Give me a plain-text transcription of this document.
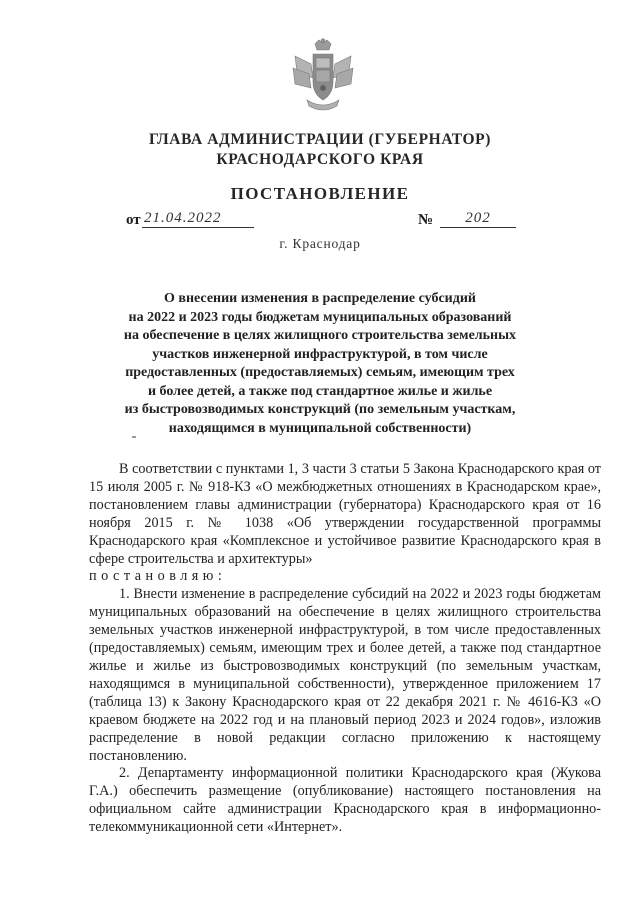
ГЛАВА АДМИНИСТРАЦИИ (ГУБЕРНАТОР)
КРАСНОДАРСКОГО КРАЯ
ПОСТАНОВЛЕНИЕ
от 21.04.2022	№	202
г. Краснодар
О внесении изменения в распределение субсидий
на 2022 и 2023 годы бюджетам муниципальных образований
на обеспечение в целях жилищного строительства земельных
участков инженерной инфраструктурой, в том числе
предоставленных (предоставляемых) семьям, имеющим трех
и более детей, а также под стандартное жилье и жилье
из быстровозводимых конструкций (по земельным участкам,
находящимся в муниципальной собственности)

В соответствии с пунктами 1, 3 части 3 статьи 5 Закона Краснодарского края от 15 июля 2005 г. № 918-КЗ «О межбюджетных отношениях в Краснодарском крае», постановлением главы администрации (губернатора) Краснодарского края от 16 ноября 2015 г. № 1038 «Об утверждении государственной программы Краснодарского края «Комплексное и устойчивое развитие Краснодарского края в сфере строительства и архитектуры»

постановляю:

1. Внести изменение в распределение субсидий на 2022 и 2023 годы бюджетам муниципальных образований на обеспечение в целях жилищного строительства земельных участков инженерной инфраструктурой, в том числе предоставленных (предоставляемых) семьям, имеющим трех и более детей, а также под стандартное жилье и жилье из быстровозводимых конструкций (по земельным участкам, находящимся в муниципальной собственности), утвержденное приложением 17 (таблица 13) к Закону Краснодарского края от 22 декабря 2021 г. № 4616-КЗ «О краевом бюджете на 2022 год и на плановый период 2023 и 2024 годов», изложив распределение в новой редакции согласно приложению к настоящему постановлению.

2. Департаменту информационной политики Краснодарского края (Жукова Г.А.) обеспечить размещение (опубликование) настоящего постановления на официальном сайте администрации Краснодарского края в информационно-телекоммуникационной сети «Интернет».
